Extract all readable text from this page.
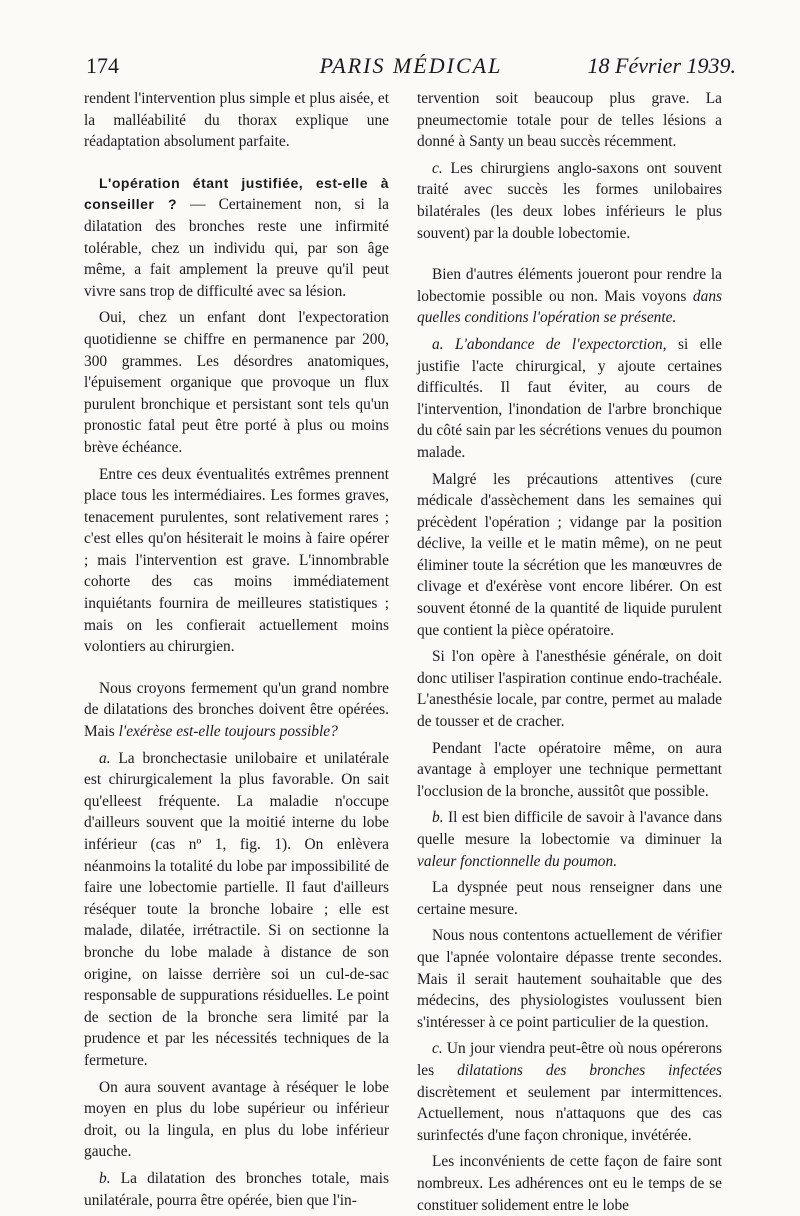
174	PARIS MÉDICAL	18 Février 1939.

rendent l'intervention plus simple et plus aisée, et la malléabilité du thorax explique une réadaptation absolument parfaite.

L'opération étant justifiée, est-elle à conseiller ? — Certainement non, si la dilatation des bronches reste une infirmité tolérable, chez un individu qui, par son âge même, a fait amplement la preuve qu'il peut vivre sans trop de difficulté avec sa lésion.

Oui, chez un enfant dont l'expectoration quotidienne se chiffre en permanence par 200, 300 grammes. Les désordres anatomiques, l'épuisement organique que provoque un flux purulent bronchique et persistant sont tels qu'un pronostic fatal peut être porté à plus ou moins brève échéance.

Entre ces deux éventualités extrêmes prennent place tous les intermédiaires. Les formes graves, tenacement purulentes, sont relativement rares ; c'est elles qu'on hésiterait le moins à faire opérer ; mais l'intervention est grave. L'innombrable cohorte des cas moins immédiatement inquiétants fournira de meilleures statistiques ; mais on les confierait actuellement moins volontiers au chirurgien.

Nous croyons fermement qu'un grand nombre de dilatations des bronches doivent être opérées. Mais l'exérèse est-elle toujours possible?

a. La bronchectasie unilobaire et unilatérale est chirurgicalement la plus favorable. On sait qu'elleest fréquente. La maladie n'occupe d'ailleurs souvent que la moitié interne du lobe inférieur (cas nº 1, fig. 1). On enlèvera néanmoins la totalité du lobe par impossibilité de faire une lobectomie partielle. Il faut d'ailleurs réséquer toute la bronche lobaire ; elle est malade, dilatée, irrétractile. Si on sectionne la bronche du lobe malade à distance de son origine, on laisse derrière soi un cul-de-sac responsable de suppurations résiduelles. Le point de section de la bronche sera limité par la prudence et par les nécessités techniques de la fermeture.

On aura souvent avantage à réséquer le lobe moyen en plus du lobe supérieur ou inférieur droit, ou la lingula, en plus du lobe inférieur gauche.

b. La dilatation des bronches totale, mais unilatérale, pourra être opérée, bien que l'in-

tervention soit beaucoup plus grave. La pneumectomie totale pour de telles lésions a donné à Santy un beau succès récemment.

c. Les chirurgiens anglo-saxons ont souvent traité avec succès les formes unilobaires bilatérales (les deux lobes inférieurs le plus souvent) par la double lobectomie.

Bien d'autres éléments joueront pour rendre la lobectomie possible ou non. Mais voyons dans quelles conditions l'opération se présente.

a. L'abondance de l'expectorction, si elle justifie l'acte chirurgical, y ajoute certaines difficultés. Il faut éviter, au cours de l'intervention, l'inondation de l'arbre bronchique du côté sain par les sécrétions venues du poumon malade.

Malgré les précautions attentives (cure médicale d'assèchement dans les semaines qui précèdent l'opération ; vidange par la position déclive, la veille et le matin même), on ne peut éliminer toute la sécrétion que les manœuvres de clivage et d'exérèse vont encore libérer. On est souvent étonné de la quantité de liquide purulent que contient la pièce opératoire.

Si l'on opère à l'anesthésie générale, on doit donc utiliser l'aspiration continue endo-trachéale. L'anesthésie locale, par contre, permet au malade de tousser et de cracher.

Pendant l'acte opératoire même, on aura avantage à employer une technique permettant l'occlusion de la bronche, aussitôt que possible.

b. Il est bien difficile de savoir à l'avance dans quelle mesure la lobectomie va diminuer la valeur fonctionnelle du poumon.

La dyspnée peut nous renseigner dans une certaine mesure.

Nous nous contentons actuellement de vérifier que l'apnée volontaire dépasse trente secondes. Mais il serait hautement souhaitable que des médecins, des physiologistes voulussent bien s'intéresser à ce point particulier de la question.

c. Un jour viendra peut-être où nous opérerons les dilatations des bronches infectées discrètement et seulement par intermittences. Actuellement, nous n'attaquons que des cas surinfectés d'une façon chronique, invétérée.

Les inconvénients de cette façon de faire sont nombreux. Les adhérences ont eu le temps de se constituer solidement entre le lobe
